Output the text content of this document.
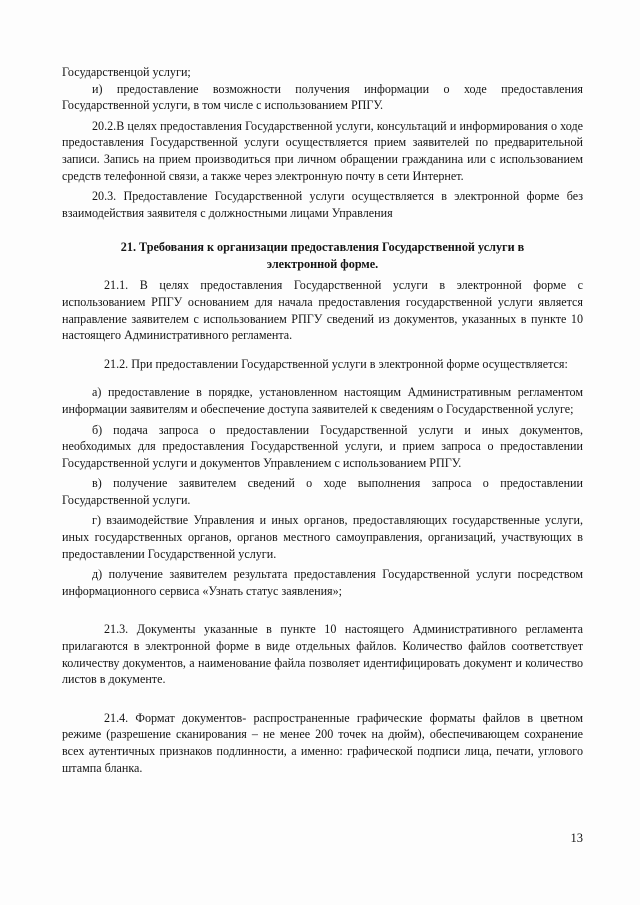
Государственцой услуги;

и) предоставление возможности получения информации о ходе предоставления Государственной услуги, в том числе с использованием РПГУ.

20.2.В целях предоставления Государственной услуги, консультаций и информирования о ходе предоставления Государственной услуги осуществляется прием заявителей по предварительной записи. Запись на прием производиться при личном обращении гражданина или с использованием средств телефонной связи, а также через электронную почту в сети Интернет.

20.3. Предоставление Государственной услуги осуществляется в электронной форме без взаимодействия заявителя с должностными лицами Управления

21. Требования к организации предоставления Государственной услуги в электронной форме.

21.1. В целях предоставления Государственной услуги в электронной форме с использованием РПГУ основанием для начала предоставления государственной услуги является направление заявителем с использованием РПГУ сведений из документов, указанных в пункте 10 настоящего Административного регламента.

21.2. При предоставлении Государственной услуги в электронной форме осуществляется:

а) предоставление в порядке, установленном настоящим Административным регламентом информации заявителям и обеспечение доступа заявителей к сведениям о Государственной услуге;

б) подача запроса о предоставлении Государственной услуги и иных документов, необходимых для предоставления Государственной услуги, и прием запроса о предоставлении Государственной услуги и документов Управлением с использованием РПГУ.

в) получение заявителем сведений о ходе выполнения запроса о предоставлении Государственной услуги.

г) взаимодействие Управления и иных органов, предоставляющих государственные услуги, иных государственных органов, органов местного самоуправления, организаций, участвующих в предоставлении Государственной услуги.

д) получение заявителем результата предоставления Государственной услуги посредством информационного сервиса «Узнать статус заявления»;

21.3. Документы указанные в пункте 10 настоящего Административного регламента прилагаются в электронной форме в виде отдельных файлов. Количество файлов соответствует количеству документов, а наименование файла позволяет идентифицировать документ и количество листов в документе.

21.4. Формат документов- распространенные графические форматы файлов в цветном режиме (разрешение сканирования – не менее 200 точек на дюйм), обеспечивающем сохранение всех аутентичных признаков подлинности, а именно: графической подписи лица, печати, углового штампа бланка.

13
